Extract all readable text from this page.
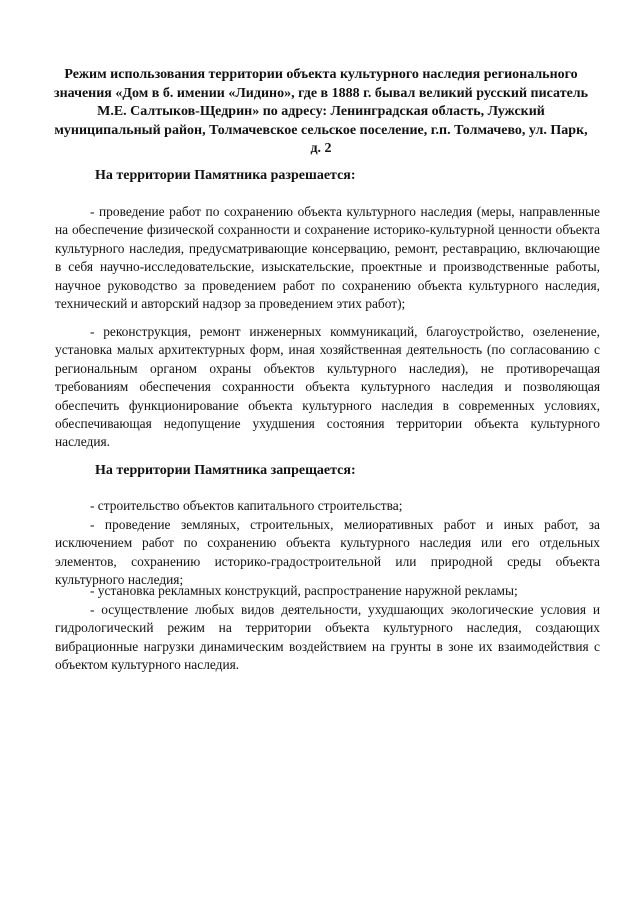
Режим использования территории объекта культурного наследия регионального значения «Дом в б. имении «Лидино», где в 1888 г. бывал великий русский писатель М.Е. Салтыков-Щедрин» по адресу: Ленинградская область, Лужский муниципальный район, Толмачевское сельское поселение, г.п. Толмачево, ул. Парк, д. 2
На территории Памятника разрешается:

- проведение работ по сохранению объекта культурного наследия (меры, направленные на обеспечение физической сохранности и сохранение историко-культурной ценности объекта культурного наследия, предусматривающие консервацию, ремонт, реставрацию, включающие в себя научно-исследовательские, изыскательские, проектные и производственные работы, научное руководство за проведением работ по сохранению объекта культурного наследия, технический и авторский надзор за проведением этих работ);

- реконструкция, ремонт инженерных коммуникаций, благоустройство, озеленение, установка малых архитектурных форм, иная хозяйственная деятельность (по согласованию с региональным органом охраны объектов культурного наследия), не противоречащая требованиям обеспечения сохранности объекта культурного наследия и позволяющая обеспечить функционирование объекта культурного наследия в современных условиях, обеспечивающая недопущение ухудшения состояния территории объекта культурного наследия.

На территории Памятника запрещается:

- строительство объектов капитального строительства;

- проведение земляных, строительных, мелиоративных работ и иных работ, за исключением работ по сохранению объекта культурного наследия или его отдельных элементов, сохранению историко-градостроительной или природной среды объекта культурного наследия;

- установка рекламных конструкций, распространение наружной рекламы;

- осуществление любых видов деятельности, ухудшающих экологические условия и гидрологический режим на территории объекта культурного наследия, создающих вибрационные нагрузки динамическим воздействием на грунты в зоне их взаимодействия с объектом культурного наследия.
